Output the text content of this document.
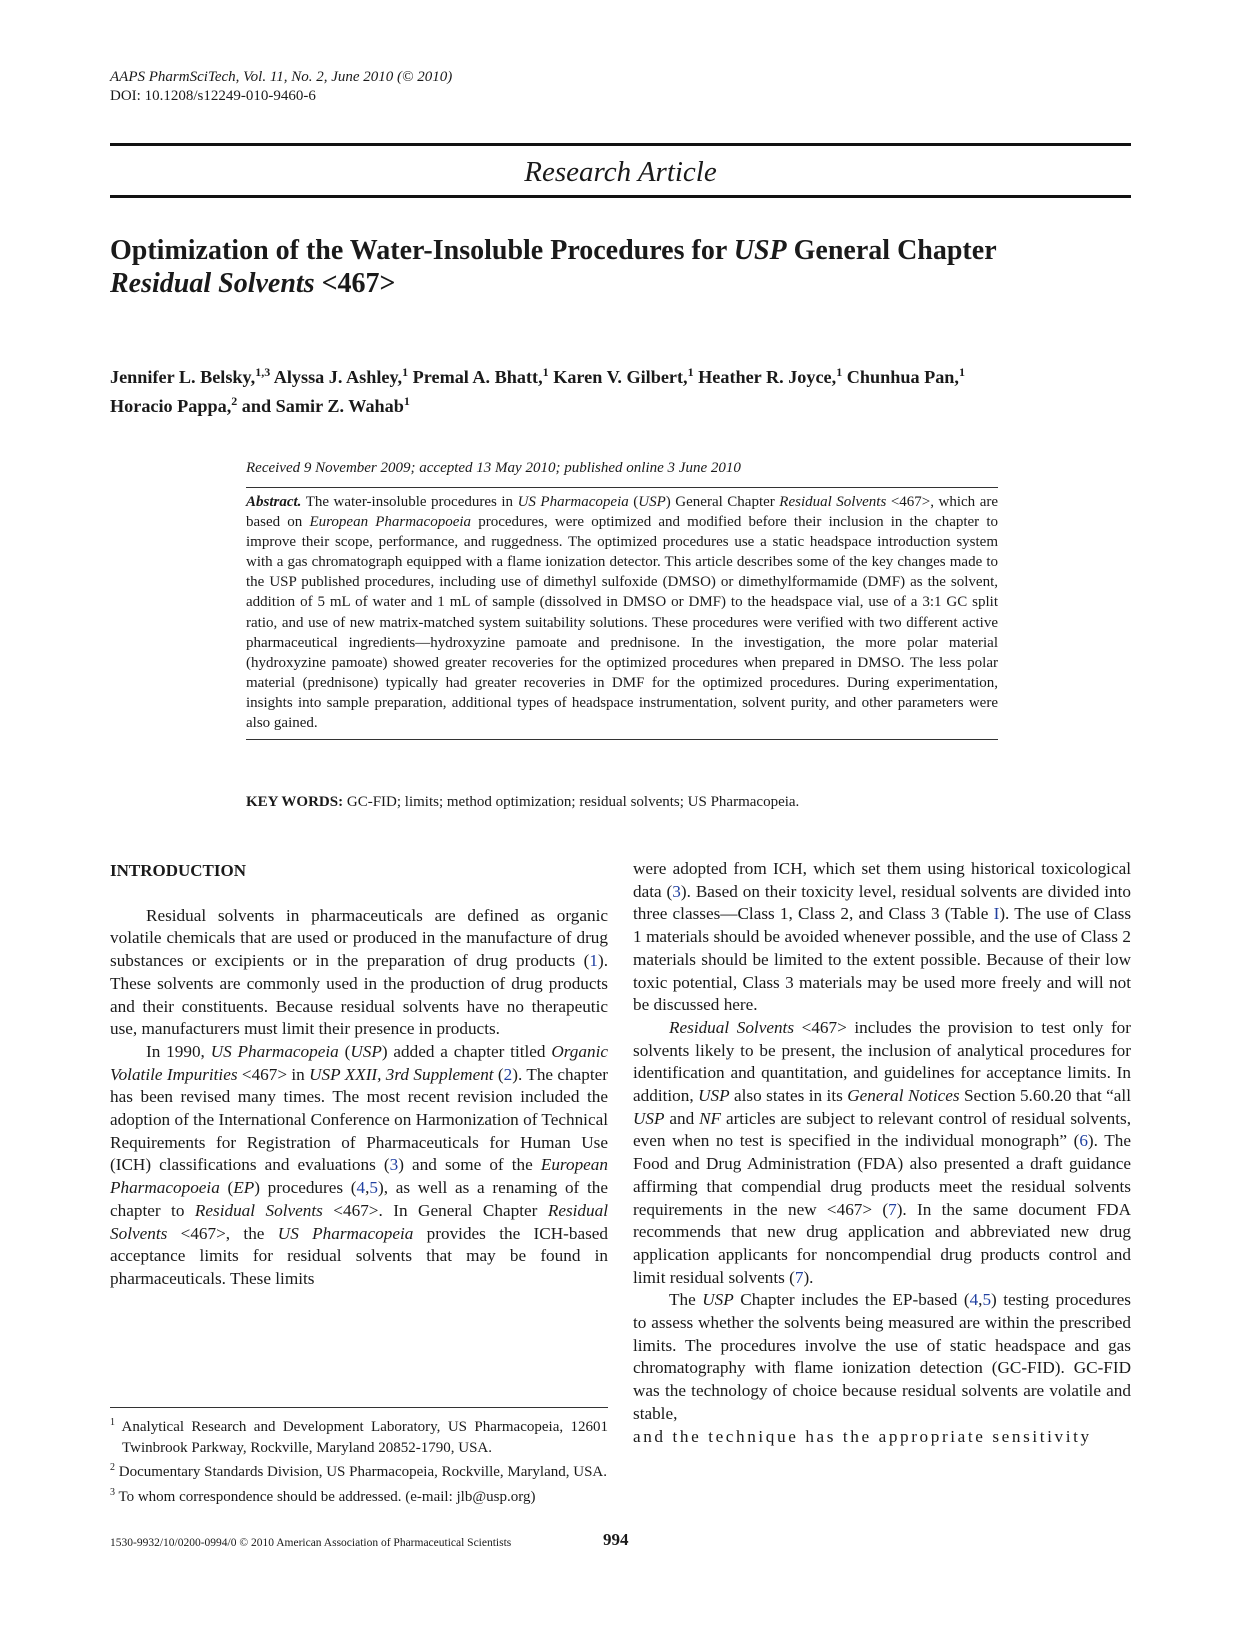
AAPS PharmSciTech, Vol. 11, No. 2, June 2010 (© 2010)
DOI: 10.1208/s12249-010-9460-6
Research Article
Optimization of the Water-Insoluble Procedures for USP General Chapter
Residual Solvents <467>
Jennifer L. Belsky,$^{1,3}$ Alyssa J. Ashley,$^1$ Premal A. Bhatt,$^1$ Karen V. Gilbert,$^1$ Heather R. Joyce,$^1$ Chunhua Pan,$^1$
Horacio Pappa,$^2$ and Samir Z. Wahab$^1$
Received 9 November 2009; accepted 13 May 2010; published online 3 June 2010
Abstract. The water-insoluble procedures in US Pharmacopeia (USP) General Chapter Residual Solvents <467>, which are based on European Pharmacopoeia procedures, were optimized and modified before their inclusion in the chapter to improve their scope, performance, and ruggedness. The optimized procedures use a static headspace introduction system with a gas chromatograph equipped with a flame ionization detector. This article describes some of the key changes made to the USP published procedures, including use of dimethyl sulfoxide (DMSO) or dimethylformamide (DMF) as the solvent, addition of 5 mL of water and 1 mL of sample (dissolved in DMSO or DMF) to the headspace vial, use of a 3:1 GC split ratio, and use of new matrix-matched system suitability solutions. These procedures were verified with two different active pharmaceutical ingredients—hydroxyzine pamoate and prednisone. In the investigation, the more polar material (hydroxyzine pamoate) showed greater recoveries for the optimized procedures when prepared in DMSO. The less polar material (prednisone) typically had greater recoveries in DMF for the optimized procedures. During experimentation, insights into sample preparation, additional types of headspace instrumentation, solvent purity, and other parameters were also gained.
KEY WORDS: GC-FID; limits; method optimization; residual solvents; US Pharmacopeia.

INTRODUCTION

Residual solvents in pharmaceuticals are defined as organic volatile chemicals that are used or produced in the manufacture of drug substances or excipients or in the preparation of drug products (1). These solvents are commonly used in the production of drug products and their constituents. Because residual solvents have no therapeutic use, manufacturers must limit their presence in products.

In 1990, US Pharmacopeia (USP) added a chapter titled Organic Volatile Impurities <467> in USP XXII, 3rd Supplement (2). The chapter has been revised many times. The most recent revision included the adoption of the International Conference on Harmonization of Technical Requirements for Registration of Pharmaceuticals for Human Use (ICH) classifications and evaluations (3) and some of the European Pharmacopoeia (EP) procedures (4,5), as well as a renaming of the chapter to Residual Solvents <467>. In General Chapter Residual Solvents <467>, the US Pharmacopeia provides the ICH-based acceptance limits for residual solvents that may be found in pharmaceuticals. These limits

were adopted from ICH, which set them using historical toxicological data (3). Based on their toxicity level, residual solvents are divided into three classes—Class 1, Class 2, and Class 3 (Table I). The use of Class 1 materials should be avoided whenever possible, and the use of Class 2 materials should be limited to the extent possible. Because of their low toxic potential, Class 3 materials may be used more freely and will not be discussed here.

Residual Solvents <467> includes the provision to test only for solvents likely to be present, the inclusion of analytical procedures for identification and quantitation, and guidelines for acceptance limits. In addition, USP also states in its General Notices Section 5.60.20 that “all USP and NF articles are subject to relevant control of residual solvents, even when no test is specified in the individual monograph” (6). The Food and Drug Administration (FDA) also presented a draft guidance affirming that compendial drug products meet the residual solvents requirements in the new <467> (7). In the same document FDA recommends that new drug application and abbreviated new drug application applicants for noncompendial drug products control and limit residual solvents (7).

The USP Chapter includes the EP-based (4,5) testing procedures to assess whether the solvents being measured are within the prescribed limits. The procedures involve the use of static headspace and gas chromatography with flame ionization detection (GC-FID). GC-FID was the technology of choice because residual solvents are volatile and stable,

and the technique has the appropriate sensitivity

$^1$ Analytical Research and Development Laboratory, US Pharmacopeia, 12601 Twinbrook Parkway, Rockville, Maryland 20852-1790, USA.

$^2$ Documentary Standards Division, US Pharmacopeia, Rockville, Maryland, USA.

$^3$ To whom correspondence should be addressed. (e-mail: jlb@usp.org)

1530-9932/10/0200-0994/0 © 2010 American Association of Pharmaceutical Scientists	994
